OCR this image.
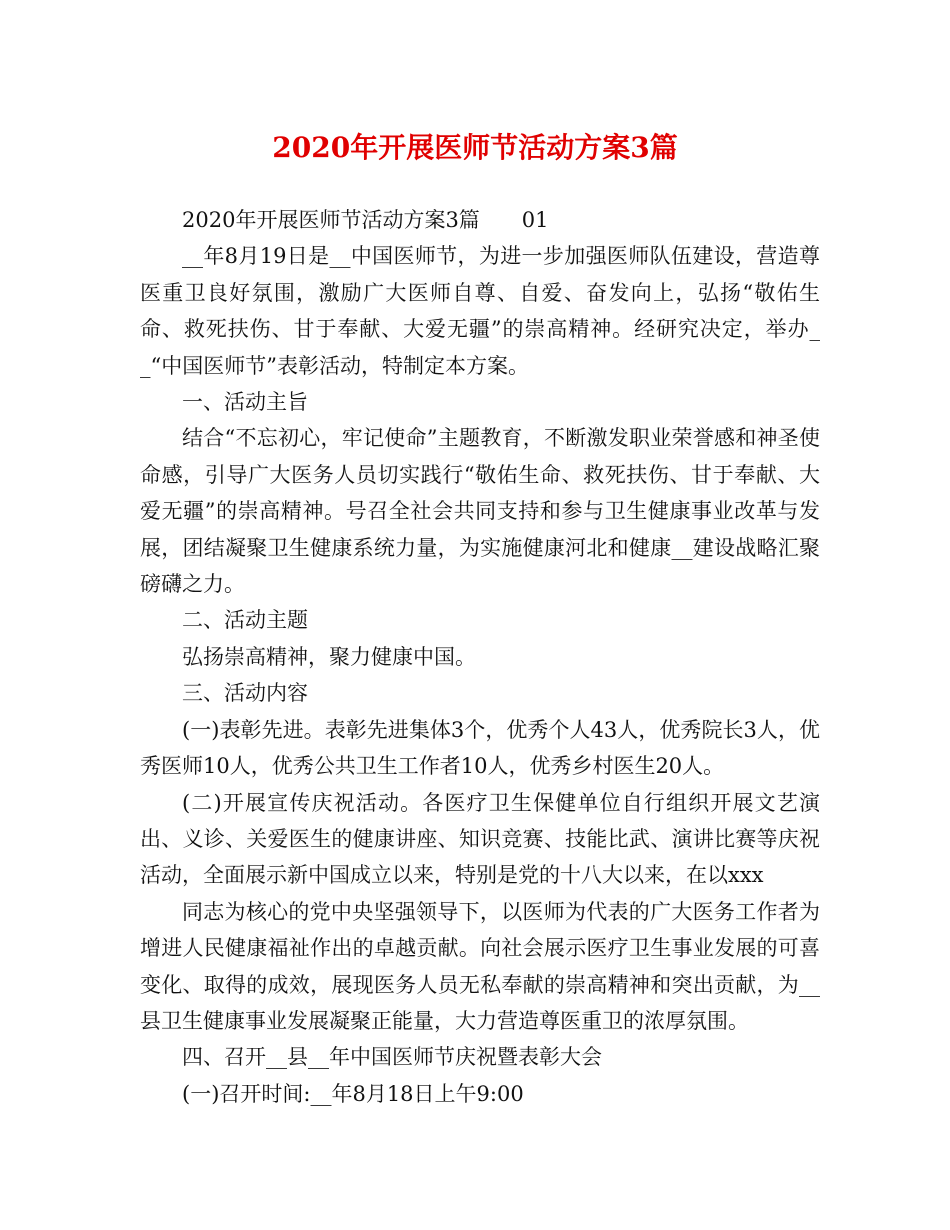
2020年开展医师节活动方案3篇

2020年开展医师节活动方案3篇　　01

__年8月19日是__中国医师节，为进一步加强医师队伍建设，营造尊医重卫良好氛围，激励广大医师自尊、自爱、奋发向上，弘扬“敬佑生命、救死扶伤、甘于奉献、大爱无疆”的崇高精神。经研究决定，举办__“中国医师节”表彰活动，特制定本方案。

一、活动主旨

结合“不忘初心，牢记使命”主题教育，不断激发职业荣誉感和神圣使命感，引导广大医务人员切实践行“敬佑生命、救死扶伤、甘于奉献、大爱无疆”的崇高精神。号召全社会共同支持和参与卫生健康事业改革与发展，团结凝聚卫生健康系统力量，为实施健康河北和健康__建设战略汇聚磅礴之力。

二、活动主题

弘扬崇高精神，聚力健康中国。

三、活动内容

(一)表彰先进。表彰先进集体3个，优秀个人43人，优秀院长3人，优秀医师10人，优秀公共卫生工作者10人，优秀乡村医生20人。

(二)开展宣传庆祝活动。各医疗卫生保健单位自行组织开展文艺演出、义诊、关爱医生的健康讲座、知识竞赛、技能比武、演讲比赛等庆祝活动，全面展示新中国成立以来，特别是党的十八大以来，在以xxx

同志为核心的党中央坚强领导下，以医师为代表的广大医务工作者为增进人民健康福祉作出的卓越贡献。向社会展示医疗卫生事业发展的可喜变化、取得的成效，展现医务人员无私奉献的崇高精神和突出贡献，为__县卫生健康事业发展凝聚正能量，大力营造尊医重卫的浓厚氛围。

四、召开__县__年中国医师节庆祝暨表彰大会

(一)召开时间:__年8月18日上午9:00
